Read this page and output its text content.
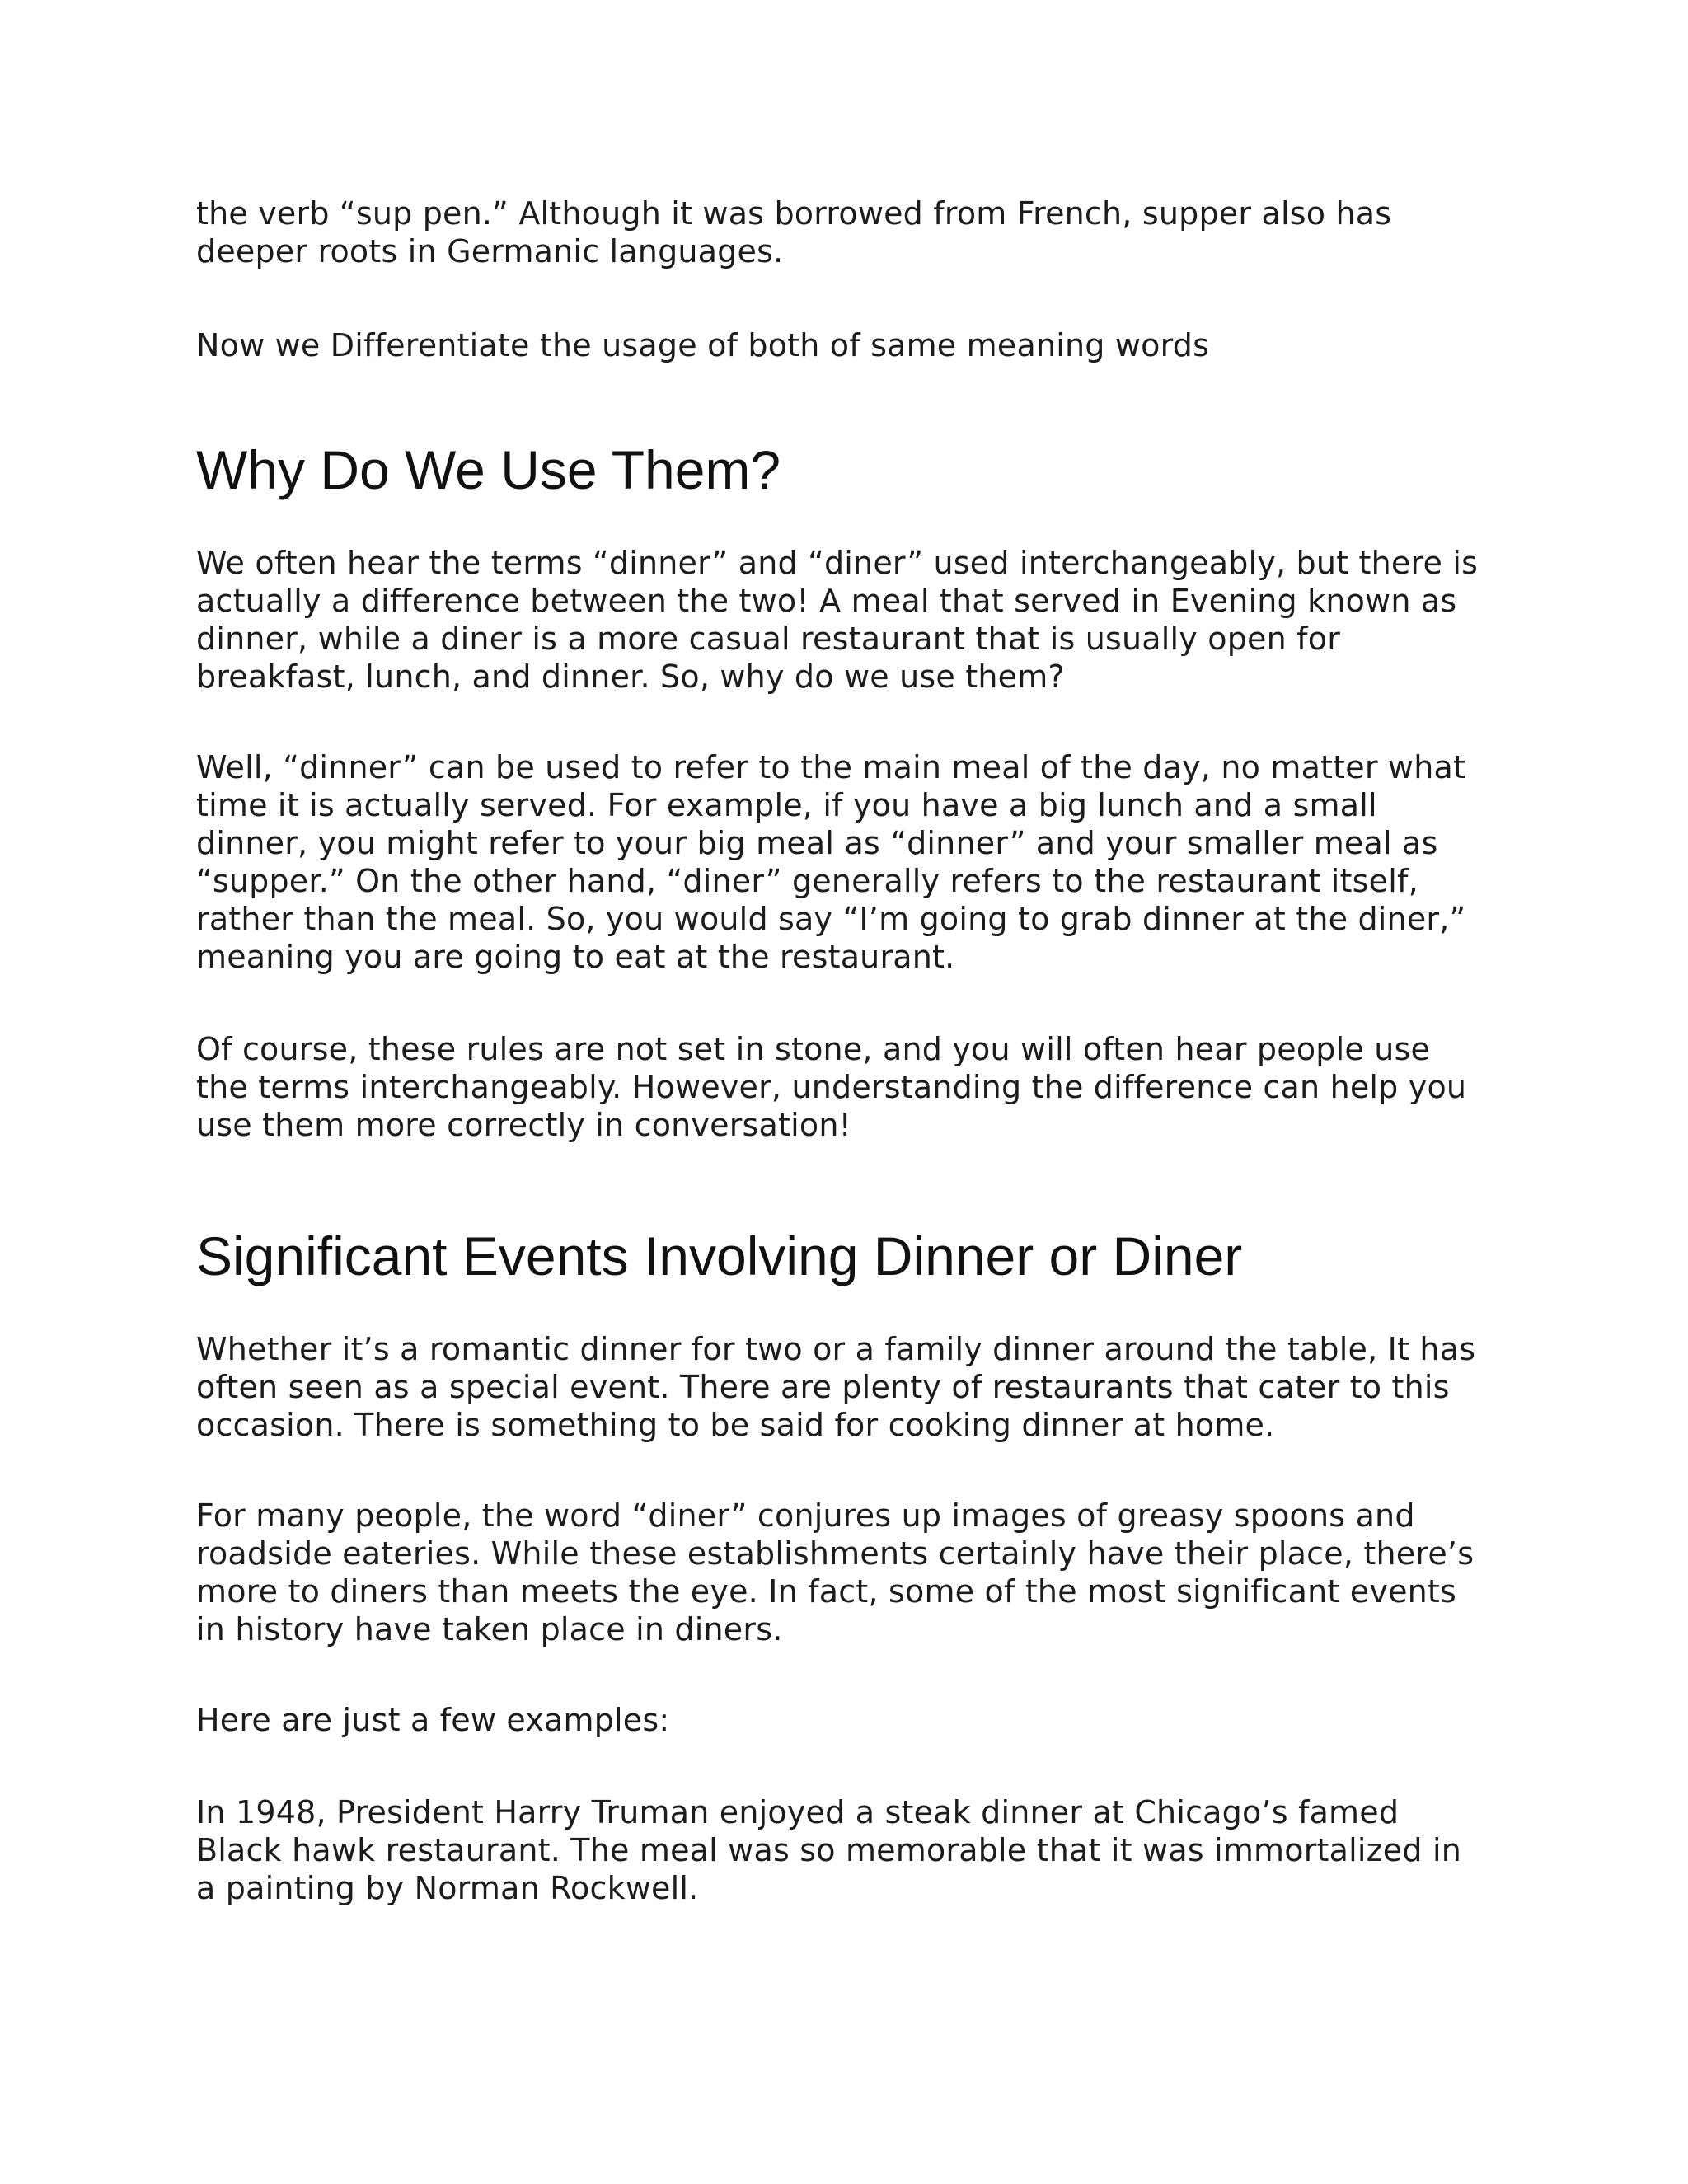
the verb “sup pen.” Although it was borrowed from French, supper also has deeper roots in Germanic languages.

Now we Differentiate the usage of both of same meaning words

Why Do We Use Them?

We often hear the terms “dinner” and “diner” used interchangeably, but there is actually a difference between the two! A meal that served in Evening known as dinner, while a diner is a more casual restaurant that is usually open for breakfast, lunch, and dinner. So, why do we use them?

Well, “dinner” can be used to refer to the main meal of the day, no matter what time it is actually served. For example, if you have a big lunch and a small dinner, you might refer to your big meal as “dinner” and your smaller meal as “supper.” On the other hand, “diner” generally refers to the restaurant itself, rather than the meal. So, you would say “I’m going to grab dinner at the diner,” meaning you are going to eat at the restaurant.

Of course, these rules are not set in stone, and you will often hear people use the terms interchangeably. However, understanding the difference can help you use them more correctly in conversation!

Significant Events Involving Dinner or Diner

Whether it’s a romantic dinner for two or a family dinner around the table, It has often seen as a special event. There are plenty of restaurants that cater to this occasion. There is something to be said for cooking dinner at home.

For many people, the word “diner” conjures up images of greasy spoons and roadside eateries. While these establishments certainly have their place, there’s more to diners than meets the eye. In fact, some of the most significant events in history have taken place in diners.

Here are just a few examples:

In 1948, President Harry Truman enjoyed a steak dinner at Chicago’s famed Black hawk restaurant. The meal was so memorable that it was immortalized in a painting by Norman Rockwell.
